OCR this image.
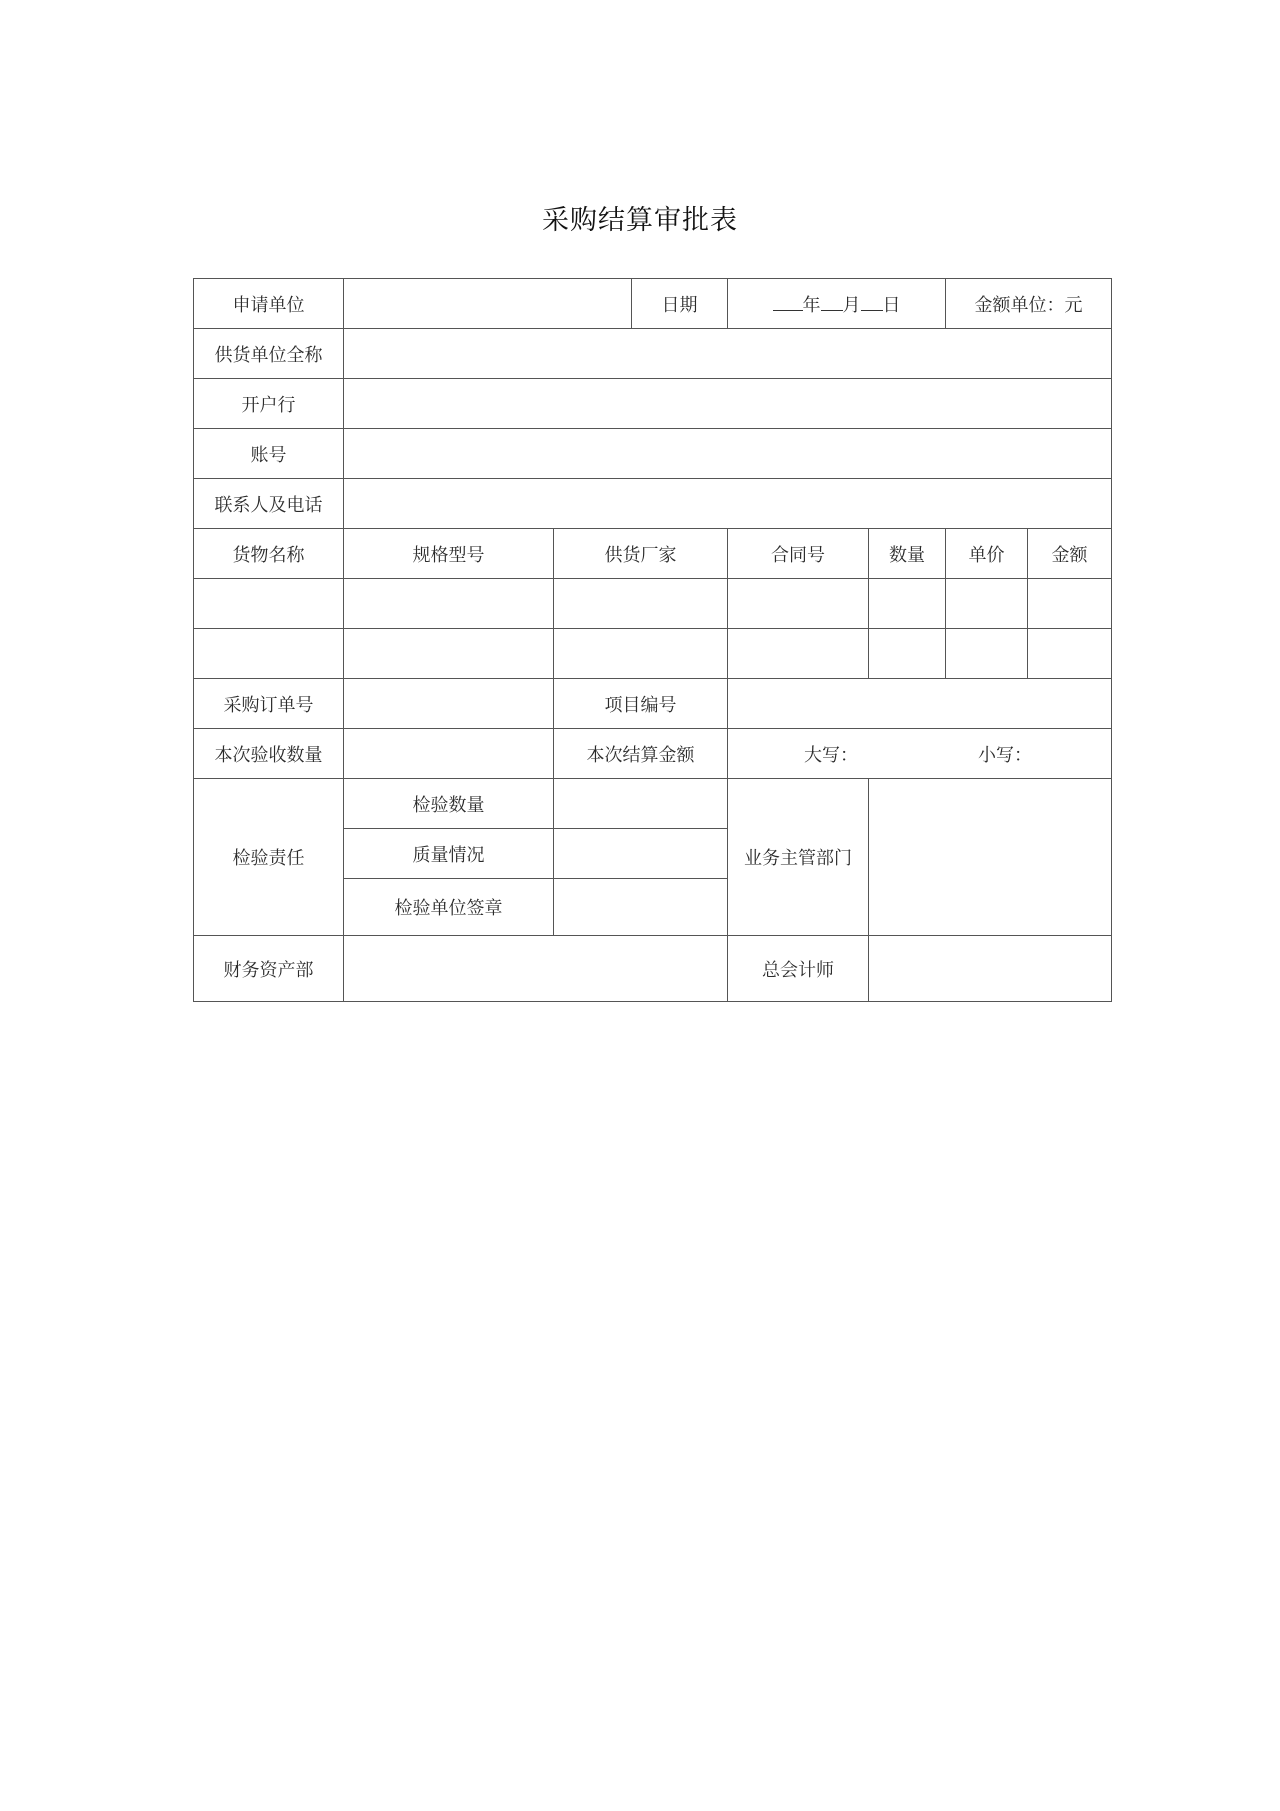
采购结算审批表
申请单位			日期	年 月 日		金额单位：元	
供货单位全称							
开户行							
账号							
联系人及电话							
货物名称	规格型号	供货厂家		合同号	数量	单价	金额

采购订单号		项目编号					
本次验收数量		本次结算金额		大写： 小写：			

检验责任	检验数量			业务主管部门			
	质量情况						
	检验单位签章						
财务资产部				总会计师			
